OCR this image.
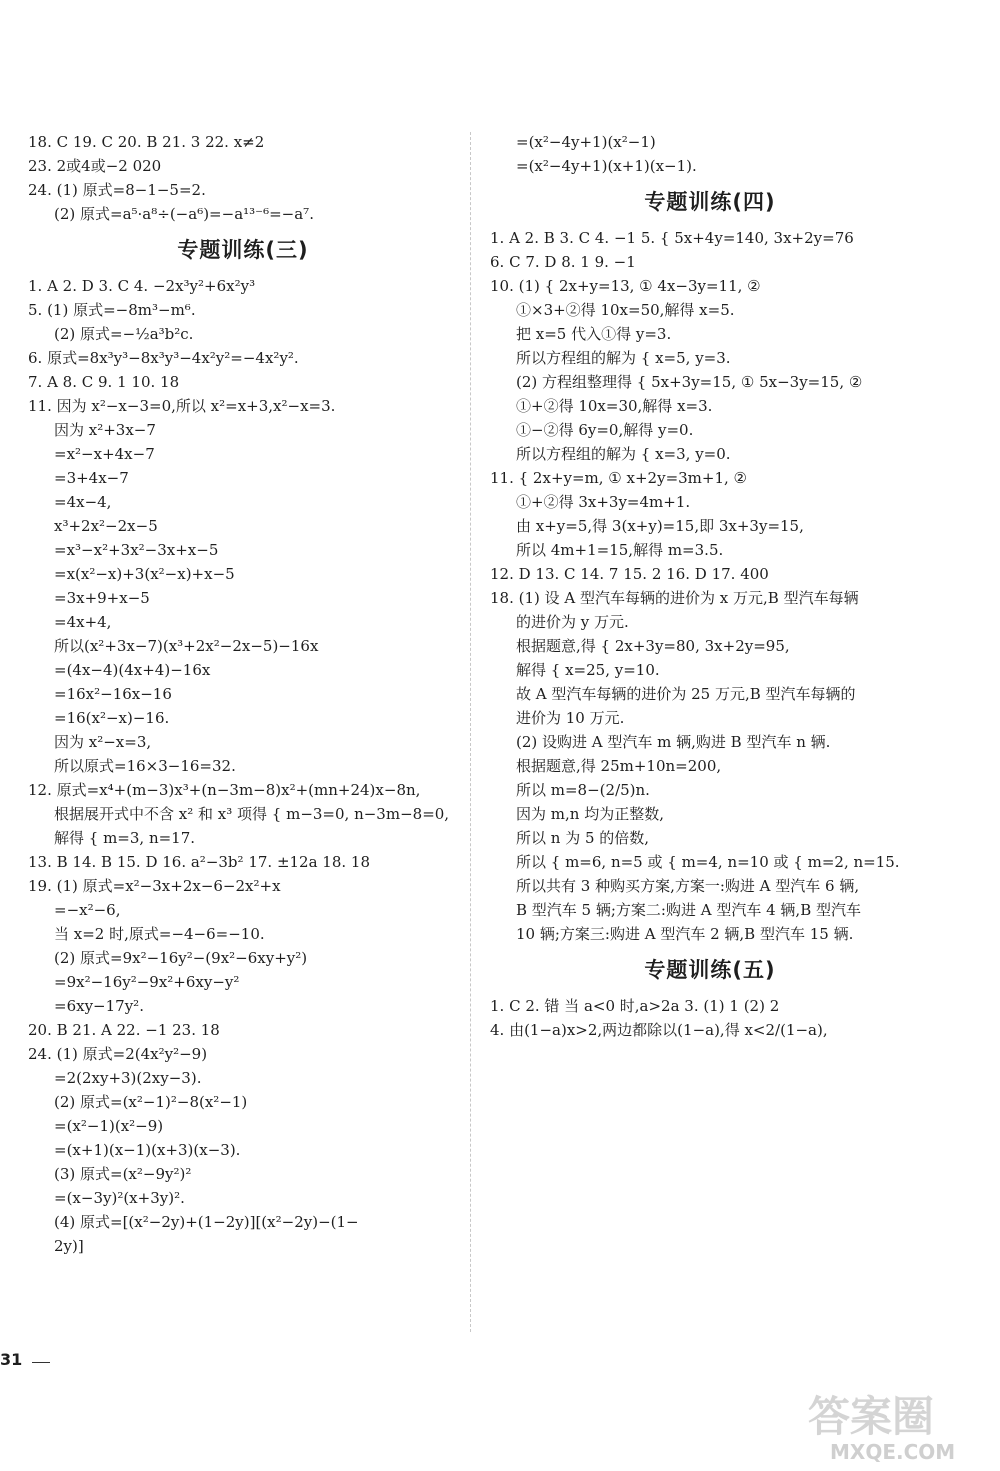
18. C 19. C 20. B 21. 3 22. x≠2
23. 2或4或−2 020
24. (1) 原式=8−1−5=2.
(2) 原式=a⁵·a⁸÷(−a⁶)=−a¹³⁻⁶=−a⁷.
专题训练(三)
1. A 2. D 3. C 4. −2x³y²+6x²y³
5. (1) 原式=−8m³−m⁶.
(2) 原式=−½a³b²c.
6. 原式=8x³y³−8x³y³−4x²y²=−4x²y².
7. A 8. C 9. 1 10. 18
11. 因为 x²−x−3=0,所以 x²=x+3,x²−x=3.
因为 x²+3x−7
=x²−x+4x−7
=3+4x−7
=4x−4,
x³+2x²−2x−5
=x³−x²+3x²−3x+x−5
=x(x²−x)+3(x²−x)+x−5
=3x+9+x−5
=4x+4,
所以(x²+3x−7)(x³+2x²−2x−5)−16x
=(4x−4)(4x+4)−16x
=16x²−16x−16
=16(x²−x)−16.
因为 x²−x=3,
所以原式=16×3−16=32.
12. 原式=x⁴+(m−3)x³+(n−3m−8)x²+(mn+24)x−8n,
根据展开式中不含 x² 和 x³ 项得 { m−3=0, n−3m−8=0,
解得 { m=3, n=17.
13. B 14. B 15. D 16. a²−3b² 17. ±12a 18. 18
19. (1) 原式=x²−3x+2x−6−2x²+x
=−x²−6,
当 x=2 时,原式=−4−6=−10.
(2) 原式=9x²−16y²−(9x²−6xy+y²)
=9x²−16y²−9x²+6xy−y²
=6xy−17y².
20. B 21. A 22. −1 23. 18
24. (1) 原式=2(4x²y²−9)
=2(2xy+3)(2xy−3).
(2) 原式=(x²−1)²−8(x²−1)
=(x²−1)(x²−9)
=(x+1)(x−1)(x+3)(x−3).
(3) 原式=(x²−9y²)²
=(x−3y)²(x+3y)².
(4) 原式=[(x²−2y)+(1−2y)][(x²−2y)−(1−
2y)]
=(x²−4y+1)(x²−1)
=(x²−4y+1)(x+1)(x−1).
专题训练(四)
1. A 2. B 3. C 4. −1 5. { 5x+4y=140, 3x+2y=76
6. C 7. D 8. 1 9. −1
10. (1) { 2x+y=13, ① 4x−3y=11, ②
①×3+②得 10x=50,解得 x=5.
把 x=5 代入①得 y=3.
所以方程组的解为 { x=5, y=3.
(2) 方程组整理得 { 5x+3y=15, ① 5x−3y=15, ②
①+②得 10x=30,解得 x=3.
①−②得 6y=0,解得 y=0.
所以方程组的解为 { x=3, y=0.
11. { 2x+y=m, ① x+2y=3m+1, ②
①+②得 3x+3y=4m+1.
由 x+y=5,得 3(x+y)=15,即 3x+3y=15,
所以 4m+1=15,解得 m=3.5.
12. D 13. C 14. 7 15. 2 16. D 17. 400
18. (1) 设 A 型汽车每辆的进价为 x 万元,B 型汽车每辆
的进价为 y 万元.
根据题意,得 { 2x+3y=80, 3x+2y=95,
解得 { x=25, y=10.
故 A 型汽车每辆的进价为 25 万元,B 型汽车每辆的
进价为 10 万元.
(2) 设购进 A 型汽车 m 辆,购进 B 型汽车 n 辆.
根据题意,得 25m+10n=200,
所以 m=8−(2/5)n.
因为 m,n 均为正整数,
所以 n 为 5 的倍数,
所以 { m=6, n=5 或 { m=4, n=10 或 { m=2, n=15.
所以共有 3 种购买方案,方案一:购进 A 型汽车 6 辆,
B 型汽车 5 辆;方案二:购进 A 型汽车 4 辆,B 型汽车
10 辆;方案三:购进 A 型汽车 2 辆,B 型汽车 15 辆.
专题训练(五)
1. C 2. 错 当 a<0 时,a>2a 3. (1) 1 (2) 2
4. 由(1−a)x>2,两边都除以(1−a),得 x<2/(1−a),
31
答案圈
MXQE.COM
